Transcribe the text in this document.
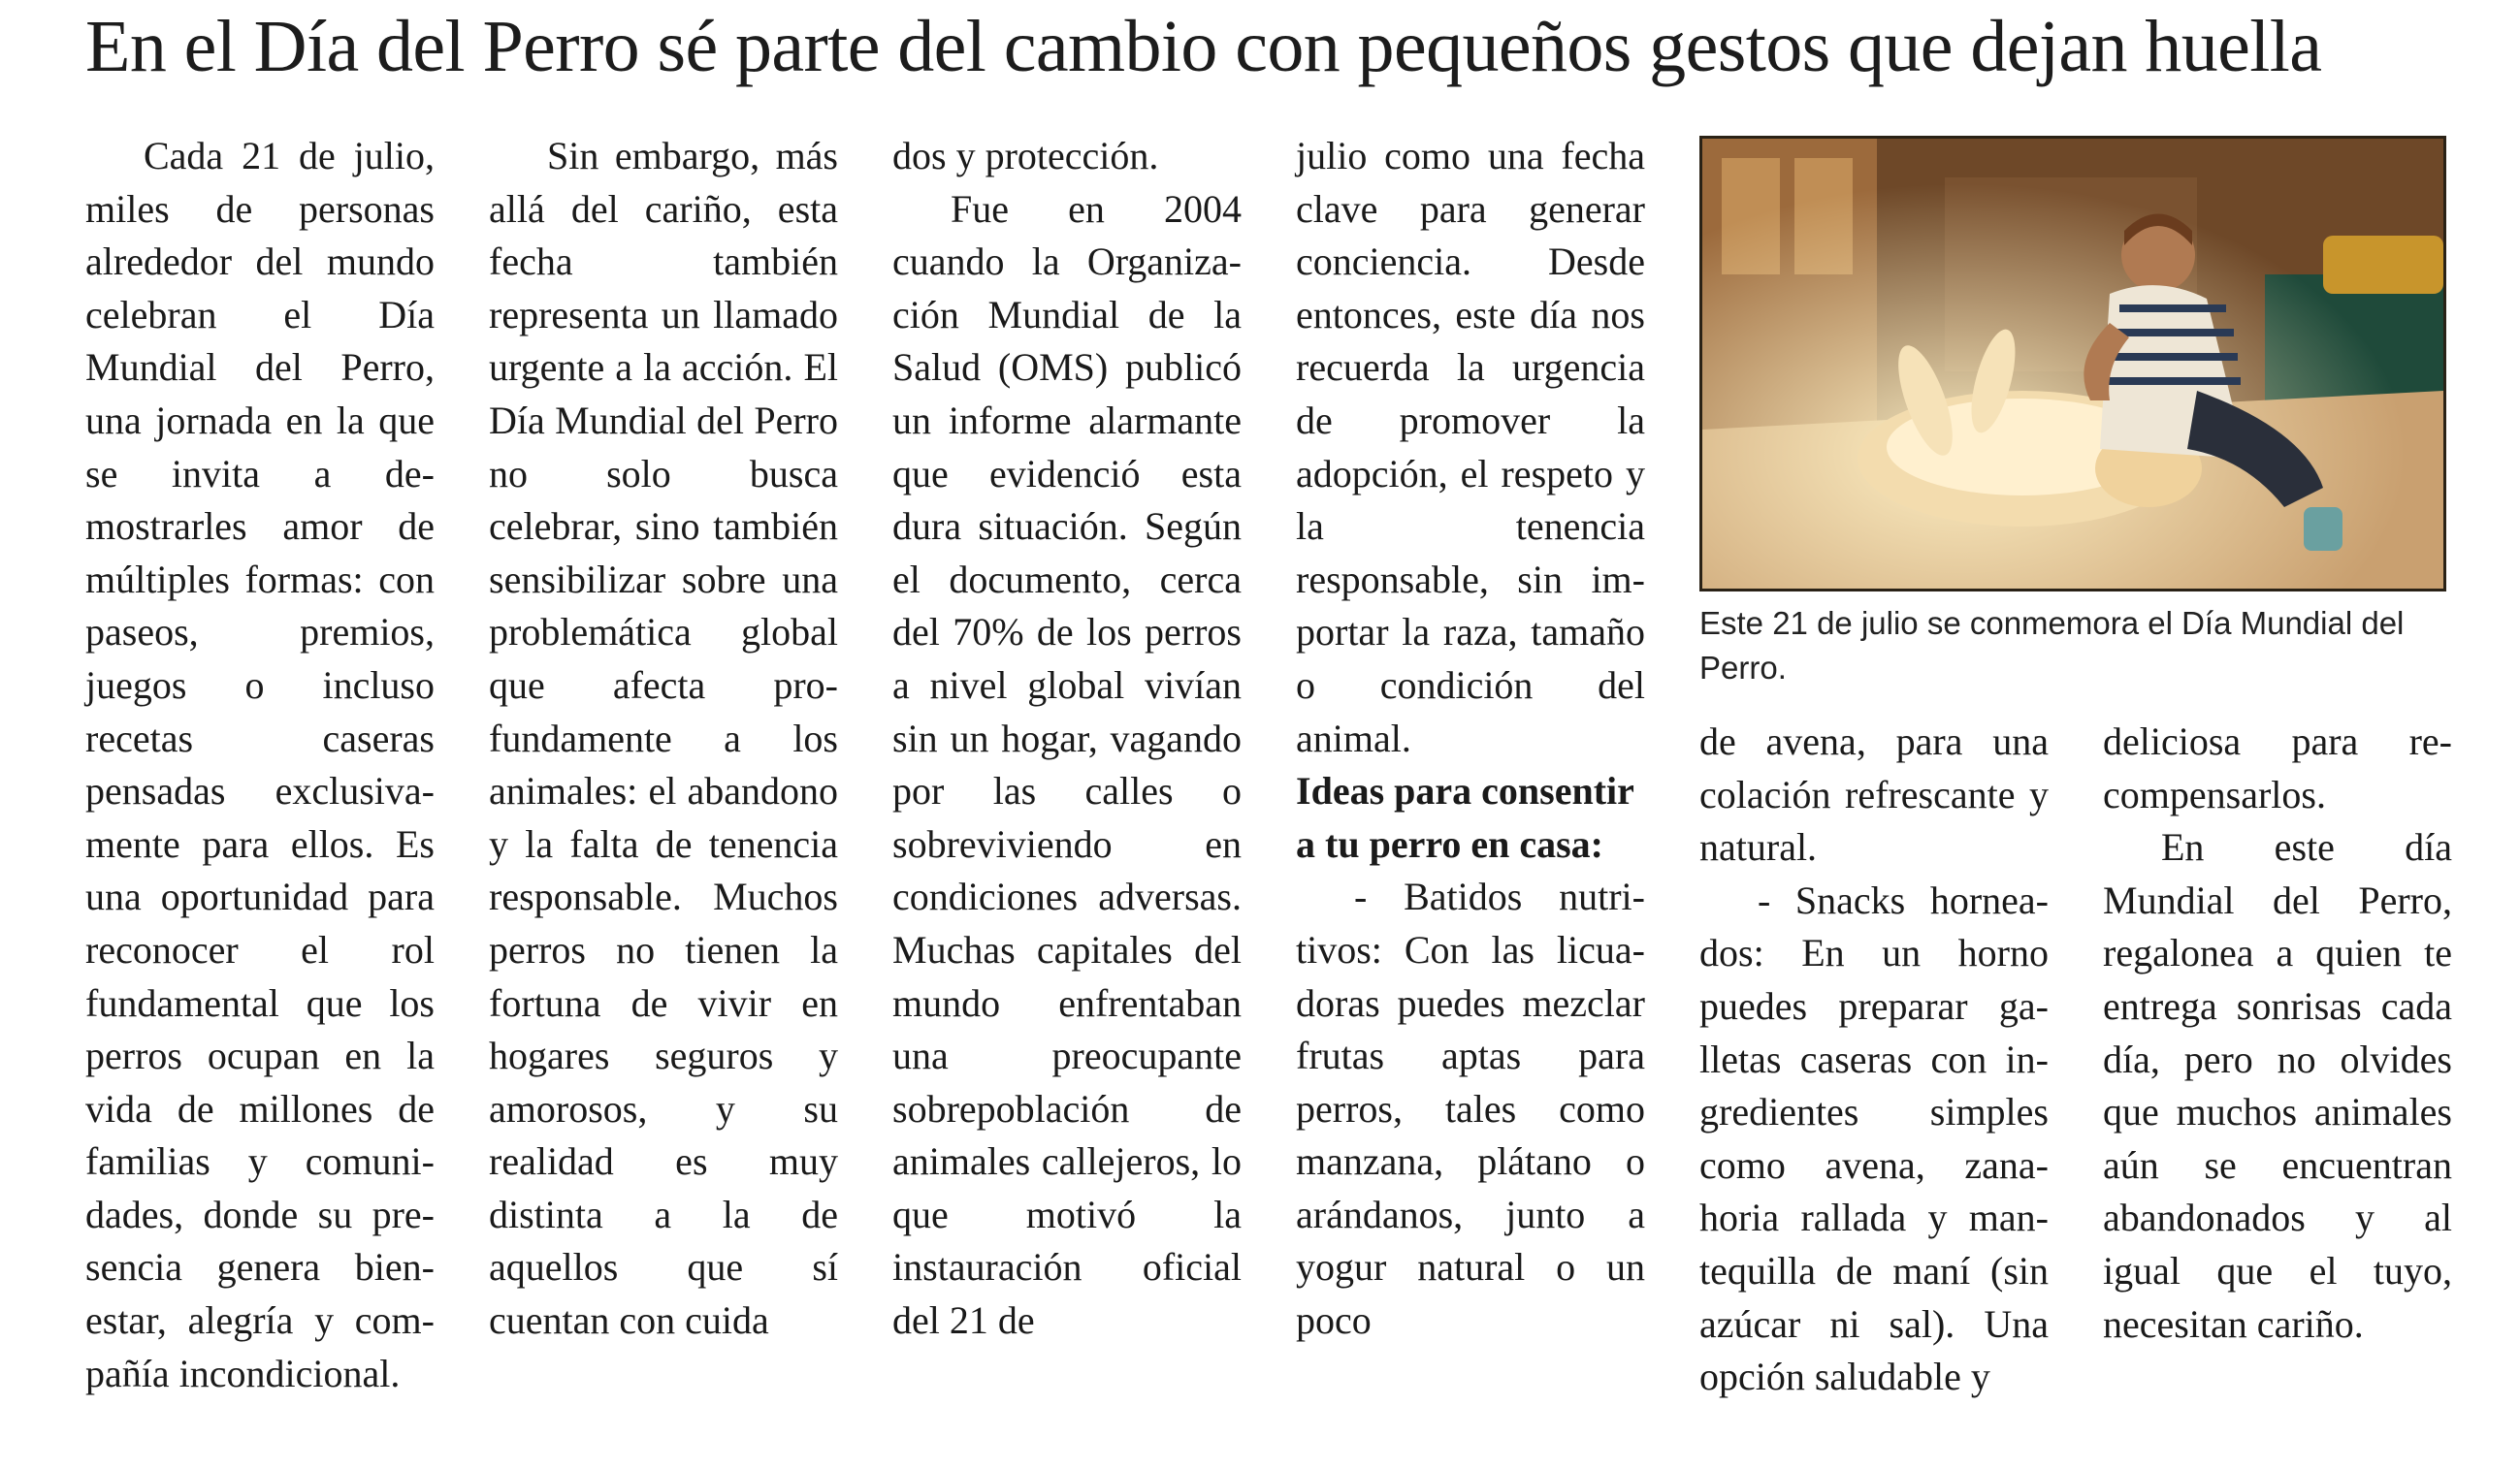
En el Día del Perro sé parte del cambio con pequeños gestos que dejan huella

Cada 21 de julio, miles de personas alrededor del mundo celebran el Día Mundial del Perro, una jornada en la que se invita a demostrarles amor de múltiples formas: con paseos, premios, juegos o incluso recetas caseras pensadas exclusivamente para ellos. Es una oportunidad para reconocer el rol fundamental que los perros ocupan en la vida de millones de familias y comunidades, donde su presencia genera bienestar, alegría y compañía incondicional.

Sin embargo, más allá del cariño, esta fecha también representa un llamado urgente a la acción. El Día Mundial del Perro no solo busca celebrar, sino también sensibilizar sobre una problemática global que afecta profundamente a los animales: el abandono y la falta de tenencia responsable. Muchos perros no tienen la fortuna de vivir en hogares seguros y amorosos, y su realidad es muy distinta a la de aquellos que sí cuentan con cuida

dos y protección.

Fue en 2004 cuando la Organización Mundial de la Salud (OMS) publicó un informe alarmante que evidenció esta dura situación. Según el documento, cerca del 70% de los perros a nivel global vivían sin un hogar, vagando por las calles o sobreviviendo en condiciones adversas. Muchas capitales del mundo enfrentaban una preocupante sobrepoblación de animales callejeros, lo que motivó la instauración oficial del 21 de

julio como una fecha clave para generar conciencia. Desde entonces, este día nos recuerda la urgencia de promover la adopción, el respeto y la tenencia responsable, sin importar la raza, tamaño o condición del animal.

Ideas para consentir a tu perro en casa:

- Batidos nutritivos: Con las licuadoras puedes mezclar frutas aptas para perros, tales como manzana, plátano o arándanos, junto a yogur natural o un poco

Este 21 de julio se conmemora el Día Mundial del Perro.

de avena, para una colación refrescante y natural.

- Snacks horneados: En un horno puedes preparar galletas caseras con ingredientes simples como avena, zanahoria rallada y mantequilla de maní (sin azúcar ni sal). Una opción saludable y

deliciosa para recompensarlos.

En este día Mundial del Perro, regalonea a quien te entrega sonrisas cada día, pero no olvides que muchos animales aún se encuentran abandonados y al igual que el tuyo, necesitan cariño.
